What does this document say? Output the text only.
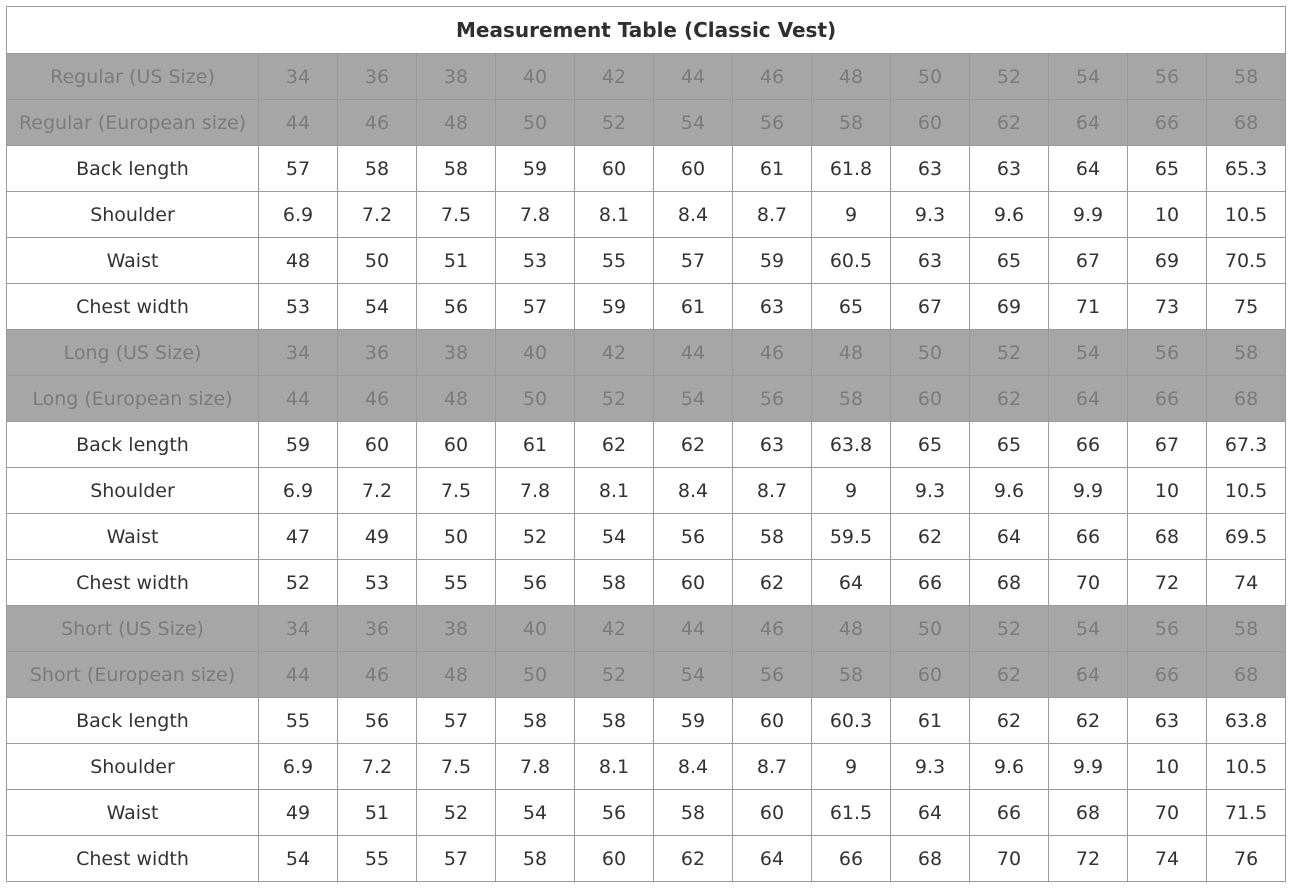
Measurement Table (Classic Vest)													
Regular (US Size)	34	36	38	40	42	44	46	48	50	52	54	56	58
Regular (European size)	44	46	48	50	52	54	56	58	60	62	64	66	68
Back length	57	58	58	59	60	60	61	61.8	63	63	64	65	65.3
Shoulder	6.9	7.2	7.5	7.8	8.1	8.4	8.7	9	9.3	9.6	9.9	10	10.5
Waist	48	50	51	53	55	57	59	60.5	63	65	67	69	70.5
Chest width	53	54	56	57	59	61	63	65	67	69	71	73	75
Long (US Size)	34	36	38	40	42	44	46	48	50	52	54	56	58
Long (European size)	44	46	48	50	52	54	56	58	60	62	64	66	68
Back length	59	60	60	61	62	62	63	63.8	65	65	66	67	67.3
Shoulder	6.9	7.2	7.5	7.8	8.1	8.4	8.7	9	9.3	9.6	9.9	10	10.5
Waist	47	49	50	52	54	56	58	59.5	62	64	66	68	69.5
Chest width	52	53	55	56	58	60	62	64	66	68	70	72	74
Short (US Size)	34	36	38	40	42	44	46	48	50	52	54	56	58
Short (European size)	44	46	48	50	52	54	56	58	60	62	64	66	68
Back length	55	56	57	58	58	59	60	60.3	61	62	62	63	63.8
Shoulder	6.9	7.2	7.5	7.8	8.1	8.4	8.7	9	9.3	9.6	9.9	10	10.5
Waist	49	51	52	54	56	58	60	61.5	64	66	68	70	71.5
Chest width	54	55	57	58	60	62	64	66	68	70	72	74	76
